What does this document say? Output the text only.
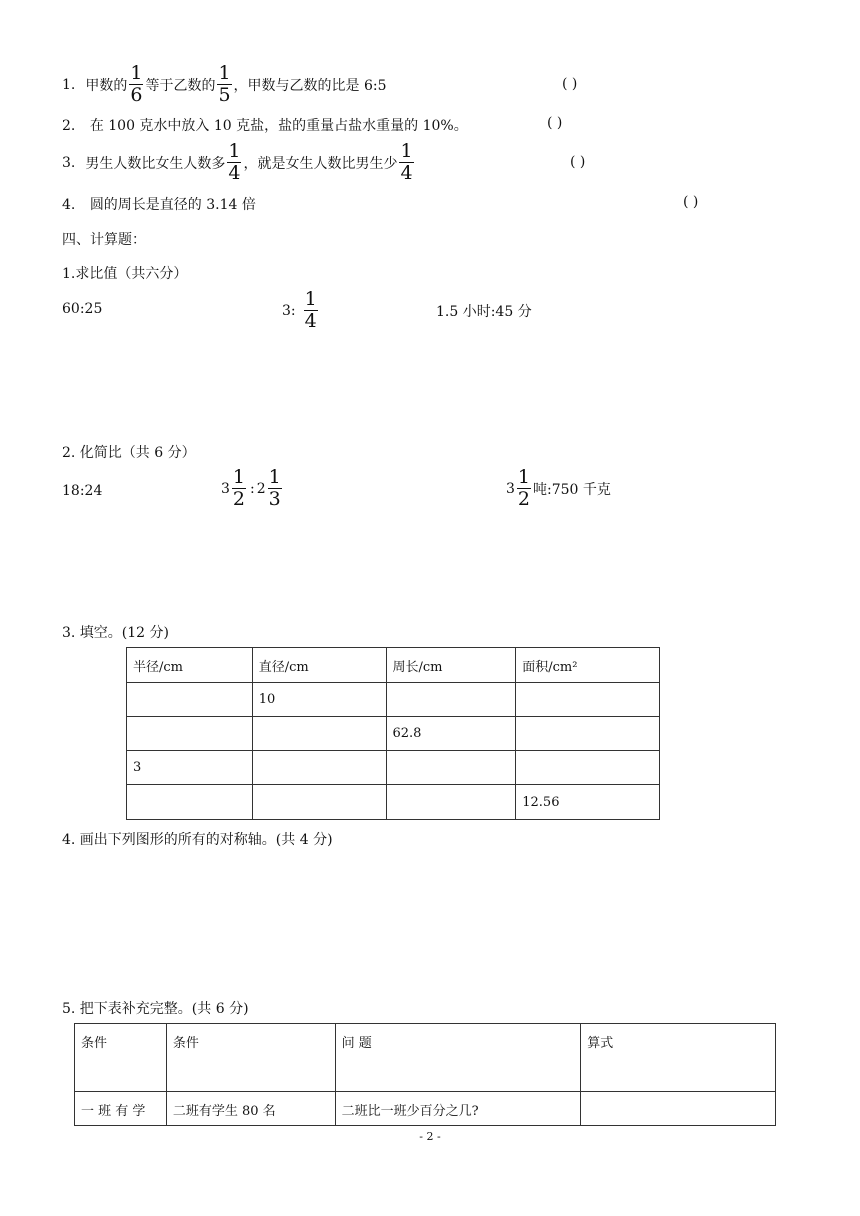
1. 甲数的 $\frac{1}{6}$ 等于乙数的 $\frac{1}{5}$ ，甲数与乙数的比是 6:5	( )
2. 在 100 克水中放入 10 克盐，盐的重量占盐水重量的 10%。	( )
3. 男生人数比女生人数多 $\frac{1}{4}$ ，就是女生人数比男生少 $\frac{1}{4}$	( )
4. 圆的周长是直径的 3.14 倍	( )
四、计算题：
1.求比值（共六分）
60:25	3: $\frac{1}{4}$	1.5 小时:45 分
2. 化简比（共 6 分）
18:24	$3 \frac{1}{2}$ : $2 \frac{1}{3}$	$3 \frac{1}{2}$ 吨:750 千克
3. 填空。(12 分)
半径/cm	直径/cm	周长/cm	面积/cm²
	10		
		62.8	
3			
			12.56
4. 画出下列图形的所有的对称轴。(共 4 分)
5. 把下表补充完整。(共 6 分)
条件	条件	问 题	算式
一 班 有 学	二班有学生 80 名	二班比一班少百分之几?	
- 2 -
